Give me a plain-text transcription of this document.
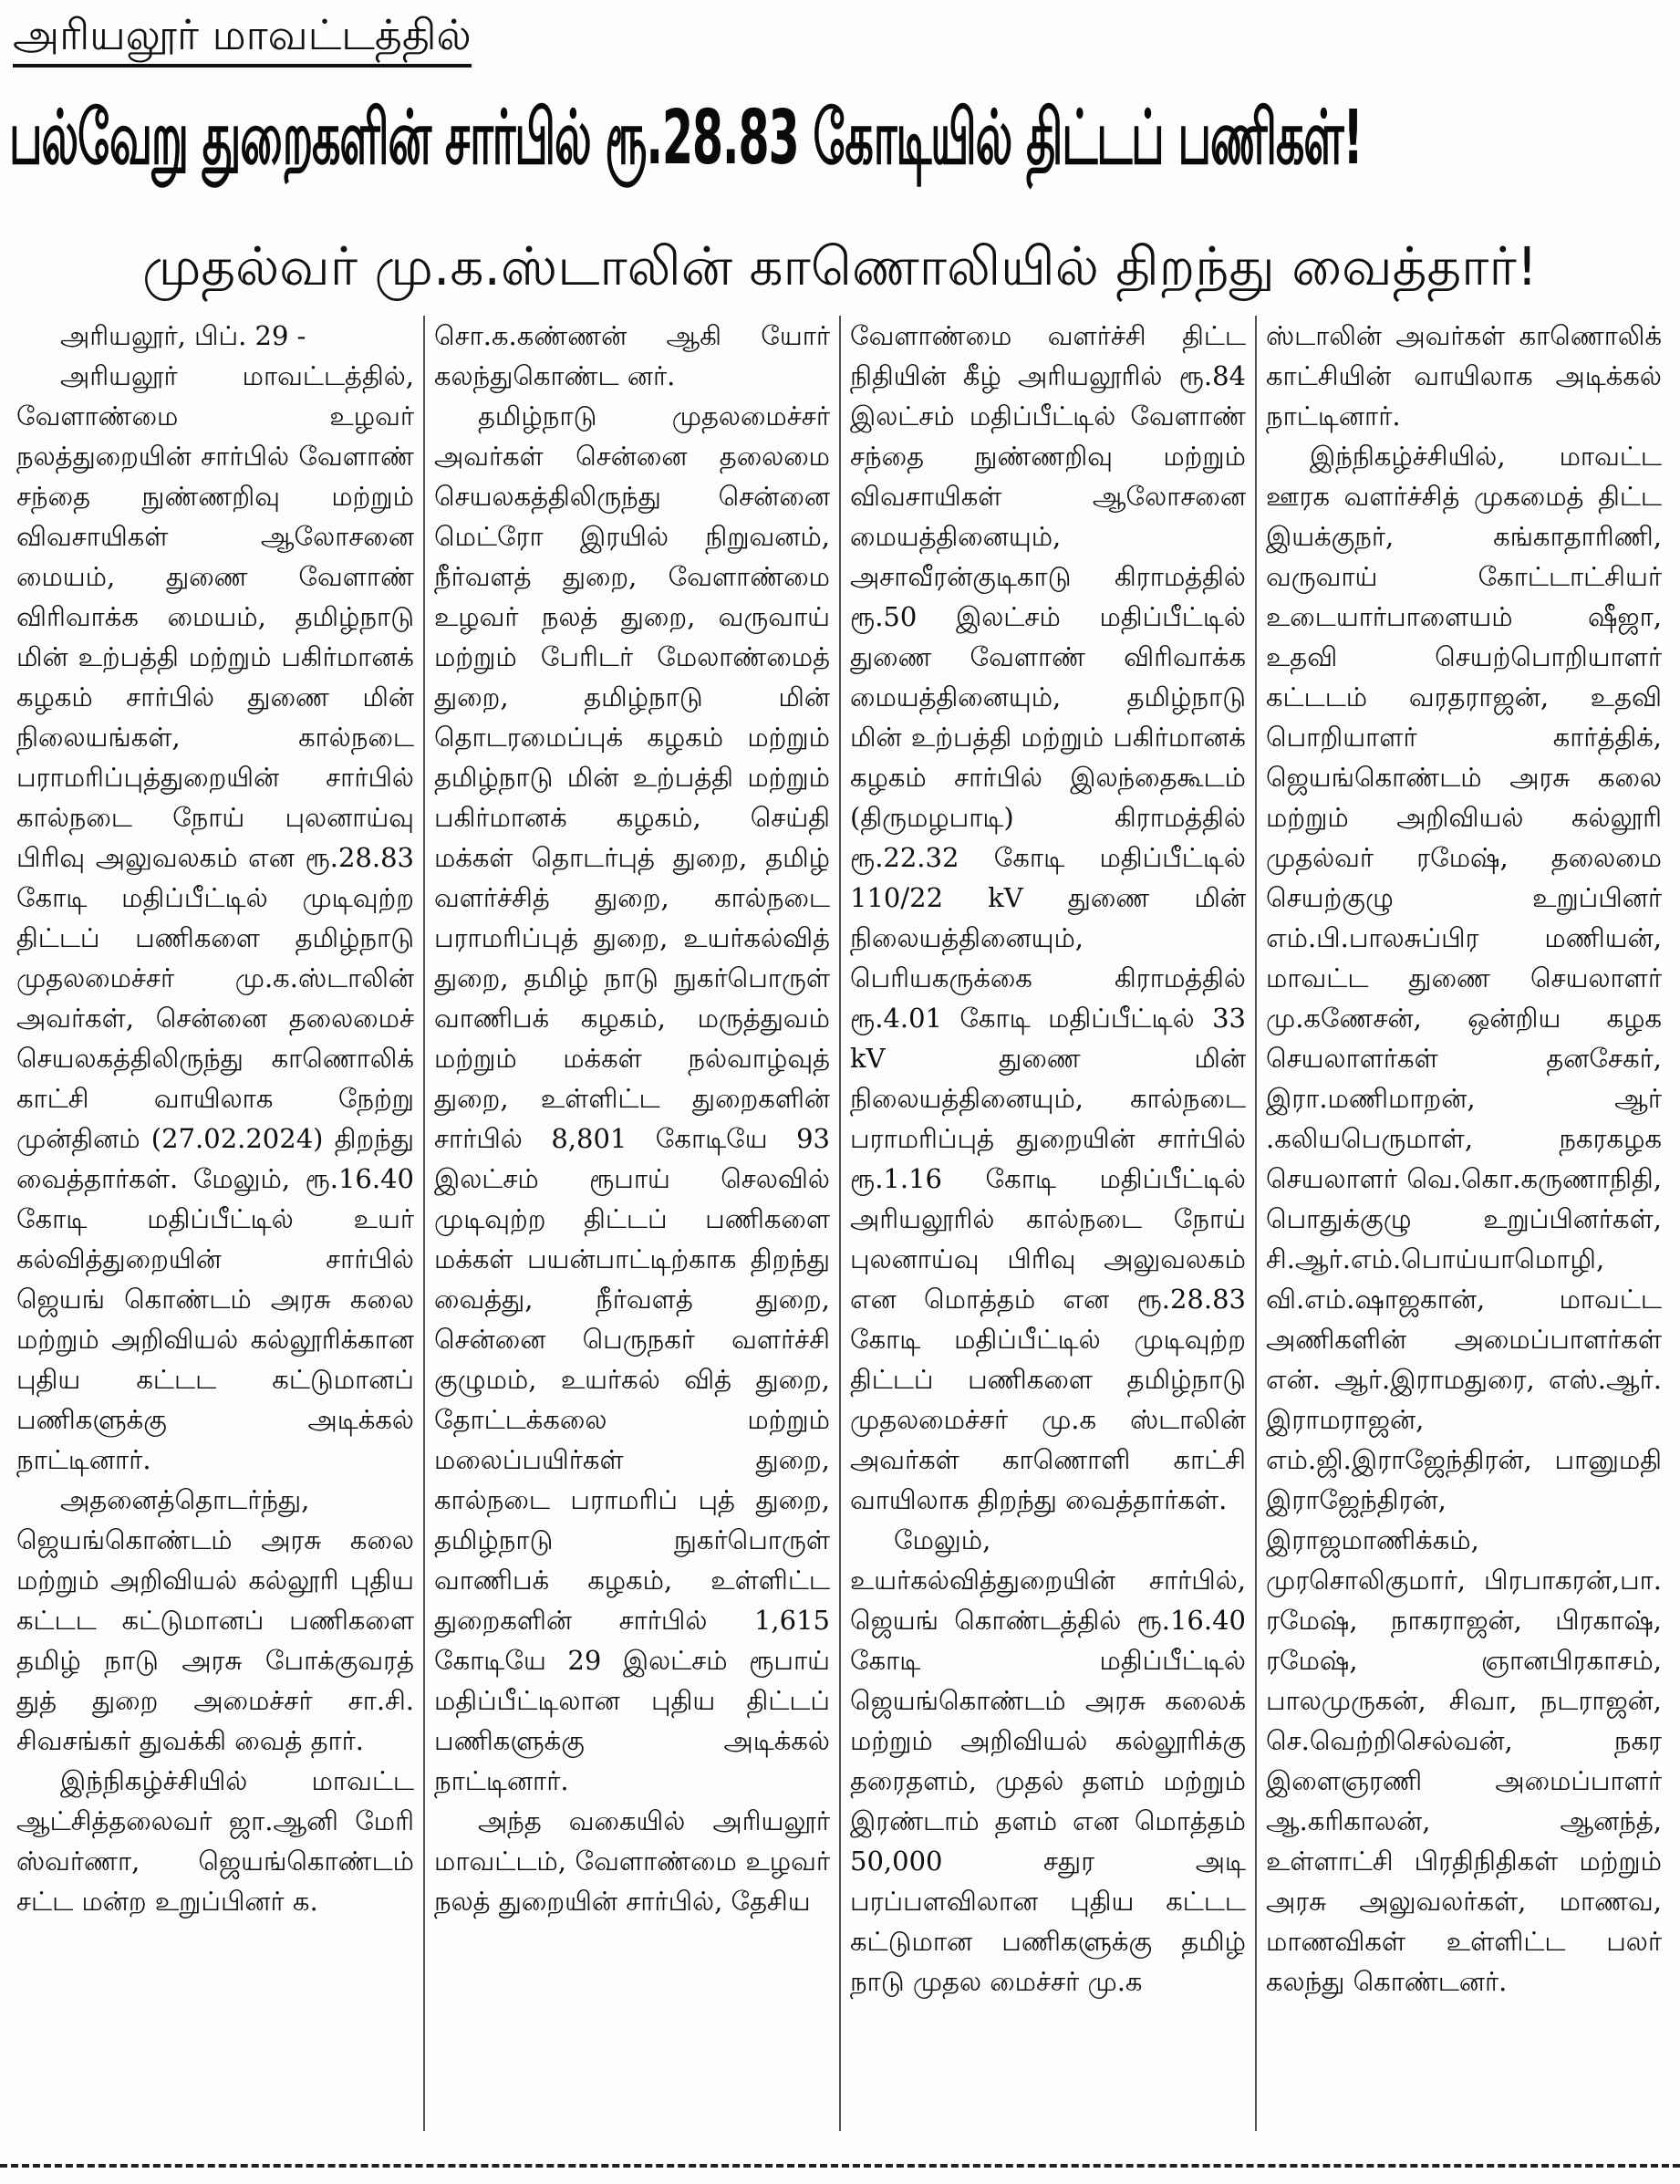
அரியலூர் மாவட்டத்தில்
பல்வேறு துறைகளின் சார்பில் ரூ.28.83 கோடியில் திட்டப் பணிகள்!
முதல்வர் மு.க.ஸ்டாலின் காணொலியில் திறந்து வைத்தார்!

அரியலூர், பிப். 29 -

அரியலூர் மாவட்டத்தில், வேளாண்மை உழவர் நலத்துறையின் சார்பில் வேளாண் சந்தை நுண்ணறிவு மற்றும் விவசாயிகள் ஆலோசனை மையம், துணை வேளாண் விரிவாக்க மையம், தமிழ்நாடு மின் உற்பத்தி மற்றும் பகிர்மானக் கழகம் சார்பில் துணை மின் நிலையங்கள், கால்நடை பராமரிப்புத்துறையின் சார்பில் கால்நடை நோய் புலனாய்வு பிரிவு அலுவலகம் என ரூ.28.83 கோடி மதிப்பீட்டில் முடிவுற்ற திட்டப் பணிகளை தமிழ்நாடு முதலமைச்சர் மு.க.ஸ்டாலின் அவர்கள், சென்னை தலைமைச் செயலகத்திலிருந்து காணொலிக் காட்சி வாயிலாக நேற்று முன்தினம் (27.02.2024) திறந்து வைத்தார்கள். மேலும், ரூ.16.40 கோடி மதிப்பீட்டில் உயர் கல்வித்துறையின் சார்பில் ஜெயங் கொண்டம் அரசு கலை மற்றும் அறிவியல் கல்லூரிக்கான புதிய கட்டட கட்டுமானப் பணிகளுக்கு அடிக்கல் நாட்டினார்.

அதனைத்தொடர்ந்து, ஜெயங்கொண்டம் அரசு கலை மற்றும் அறிவியல் கல்லூரி புதிய கட்டட கட்டுமானப் பணிகளை தமிழ் நாடு அரசு போக்குவரத் துத் துறை அமைச்சர் சா.சி. சிவசங்கர் துவக்கி வைத் தார்.

இந்நிகழ்ச்சியில் மாவட்ட ஆட்சித்தலைவர் ஜா.ஆனி மேரி ஸ்வர்ணா, ஜெயங்கொண்டம் சட்ட மன்ற உறுப்பினர் க.

சொ.க.கண்ணன் ஆகி யோர் கலந்துகொண்ட னர்.

தமிழ்நாடு முதலமைச்சர் அவர்கள் சென்னை தலைமை செயலகத்திலிருந்து சென்னை மெட்ரோ இரயில் நிறுவனம், நீர்வளத் துறை, வேளாண்மை உழவர் நலத் துறை, வருவாய் மற்றும் பேரிடர் மேலாண்மைத் துறை, தமிழ்நாடு மின் தொடரமைப்புக் கழகம் மற்றும் தமிழ்நாடு மின் உற்பத்தி மற்றும் பகிர்மானக் கழகம், செய்தி மக்கள் தொடர்புத் துறை, தமிழ் வளர்ச்சித் துறை, கால்நடை பராமரிப்புத் துறை, உயர்கல்வித் துறை, தமிழ் நாடு நுகர்பொருள் வாணிபக் கழகம், மருத்துவம் மற்றும் மக்கள் நல்வாழ்வுத் துறை, உள்ளிட்ட துறைகளின் சார்பில் 8,801 கோடியே 93 இலட்சம் ரூபாய் செலவில் முடிவுற்ற திட்டப் பணிகளை மக்கள் பயன்பாட்டிற்காக திறந்து வைத்து, நீர்வளத் துறை, சென்னை பெருநகர் வளர்ச்சி குழுமம், உயர்கல் வித் துறை, தோட்டக்கலை மற்றும் மலைப்பயிர்கள் துறை, கால்நடை பராமரிப் புத் துறை, தமிழ்நாடு நுகர்பொருள் வாணிபக் கழகம், உள்ளிட்ட துறைகளின் சார்பில் 1,615 கோடியே 29 இலட்சம் ரூபாய் மதிப்பீட்டிலான புதிய திட்டப் பணிகளுக்கு அடிக்கல் நாட்டினார்.

அந்த வகையில் அரியலூர் மாவட்டம், வேளாண்மை உழவர் நலத் துறையின் சார்பில், தேசிய

வேளாண்மை வளர்ச்சி திட்ட நிதியின் கீழ் அரியலூரில் ரூ.84 இலட்சம் மதிப்பீட்டில் வேளாண் சந்தை நுண்ணறிவு மற்றும் விவசாயிகள் ஆலோசனை மையத்தினையும், அசாவீரன்குடிகாடு கிராமத்தில் ரூ.50 இலட்சம் மதிப்பீட்டில் துணை வேளாண் விரிவாக்க மையத்தினையும், தமிழ்நாடு மின் உற்பத்தி மற்றும் பகிர்மானக் கழகம் சார்பில் இலந்தைகூடம் (திருமழபாடி) கிராமத்தில் ரூ.22.32 கோடி மதிப்பீட்டில் 110/22 kV துணை மின் நிலையத்தினையும், பெரியகருக்கை கிராமத்தில் ரூ.4.01 கோடி மதிப்பீட்டில் 33 kV துணை மின் நிலையத்தினையும், கால்நடை பராமரிப்புத் துறையின் சார்பில் ரூ.1.16 கோடி மதிப்பீட்டில் அரியலூரில் கால்நடை நோய் புலனாய்வு பிரிவு அலுவலகம் என மொத்தம் என ரூ.28.83 கோடி மதிப்பீட்டில் முடிவுற்ற திட்டப் பணிகளை தமிழ்நாடு முதலமைச்சர் மு.க ஸ்டாலின் அவர்கள் காணொளி காட்சி வாயிலாக திறந்து வைத்தார்கள்.

மேலும், உயர்கல்வித்துறையின் சார்பில், ஜெயங் கொண்டத்தில் ரூ.16.40 கோடி மதிப்பீட்டில் ஜெயங்கொண்டம் அரசு கலைக் மற்றும் அறிவியல் கல்லூரிக்கு தரைதளம், முதல் தளம் மற்றும் இரண்டாம் தளம் என மொத்தம் 50,000 சதுர அடி பரப்பளவிலான புதிய கட்டட கட்டுமான பணிகளுக்கு தமிழ் நாடு முதல மைச்சர் மு.க

ஸ்டாலின் அவர்கள் காணொலிக் காட்சியின் வாயிலாக அடிக்கல் நாட்டினார்.

இந்நிகழ்ச்சியில், மாவட்ட ஊரக வளர்ச்சித் முகமைத் திட்ட இயக்குநர், கங்காதாரிணி, வருவாய் கோட்டாட்சியர் உடையார்பாளையம் ஷீஜா, உதவி செயற்பொறியாளர் கட்டடம் வரதராஜன், உதவி பொறியாளர் கார்த்திக், ஜெயங்கொண்டம் அரசு கலை மற்றும் அறிவியல் கல்லூரி முதல்வர் ரமேஷ், தலைமை செயற்குழு உறுப்பினர் எம்.பி.பாலசுப்பிர மணியன், மாவட்ட துணை செயலாளர் மு.கணேசன், ஒன்றிய கழக செயலாளர்கள் தனசேகர், இரா.மணிமாறன், ஆர் .கலியபெருமாள், நகரகழக செயலாளர் வெ.கொ.கருணாநிதி, பொதுக்குழு உறுப்பினர்கள், சி.ஆர்.எம்.பொய்யாமொழி, வி.எம்.ஷாஜகான், மாவட்ட அணிகளின் அமைப்பாளர்கள் என். ஆர்.இராமதுரை, எஸ்.ஆர். இராமராஜன், எம்.ஜி.இராஜேந்திரன், பானுமதி இராஜேந்திரன், இராஜமாணிக்கம், முரசொலிகுமார், பிரபாகரன்,பா. ரமேஷ், நாகராஜன், பிரகாஷ், ரமேஷ், ஞானபிரகாசம், பாலமுருகன், சிவா, நடராஜன், செ.வெற்றிசெல்வன், நகர இளைஞரணி அமைப்பாளர் ஆ.கரிகாலன், ஆனந்த், உள்ளாட்சி பிரதிநிதிகள் மற்றும் அரசு அலுவலர்கள், மாணவ, மாணவிகள் உள்ளிட்ட பலர் கலந்து கொண்டனர்.
